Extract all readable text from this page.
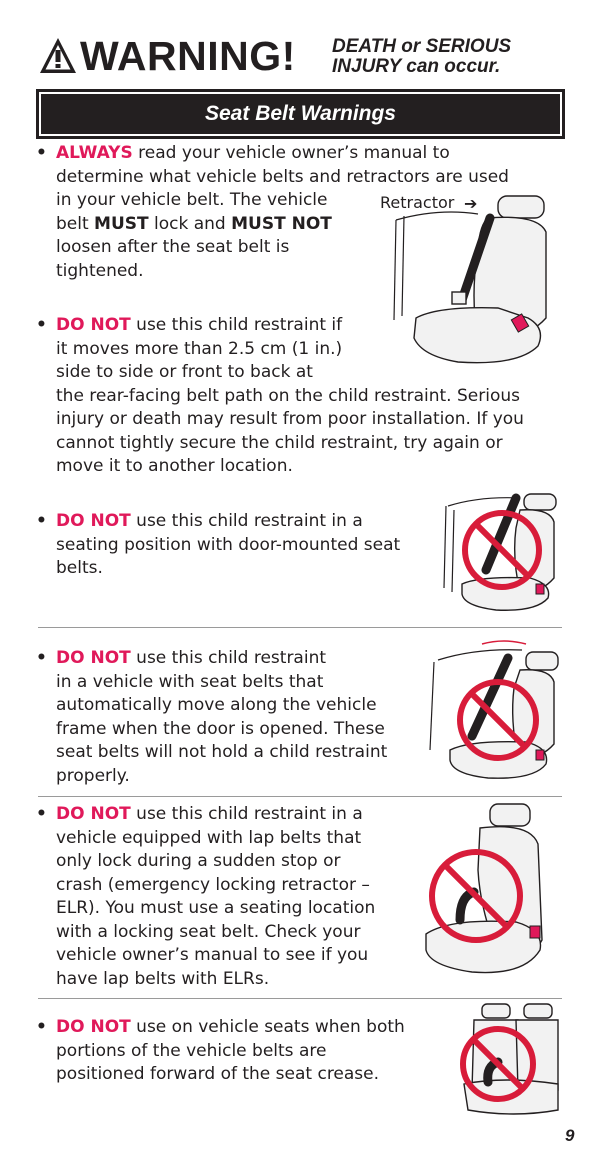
WARNING! DEATH or SERIOUS
INJURY can occur.
Seat Belt Warnings
• ALWAYS read your vehicle owner’s manual to
determine what vehicle belts and retractors are used
in your vehicle belt. The vehicle
belt MUST lock and MUST NOT
loosen after the seat belt is
tightened.
Retractor ➔
• DO NOT use this child restraint if
it moves more than 2.5 cm (1 in.)
side to side or front to back at
the rear-facing belt path on the child restraint. Serious
injury or death may result from poor installation. If you
cannot tightly secure the child restraint, try again or
move it to another location.
• DO NOT use this child restraint in a
seating position with door-mounted seat
belts.
• DO NOT use this child restraint
in a vehicle with seat belts that
automatically move along the vehicle
frame when the door is opened. These
seat belts will not hold a child restraint
properly.
• DO NOT use this child restraint in a
vehicle equipped with lap belts that
only lock during a sudden stop or
crash (emergency locking retractor –
ELR). You must use a seating location
with a locking seat belt. Check your
vehicle owner’s manual to see if you
have lap belts with ELRs.
• DO NOT use on vehicle seats when both
portions of the vehicle belts are
positioned forward of the seat crease.
9
